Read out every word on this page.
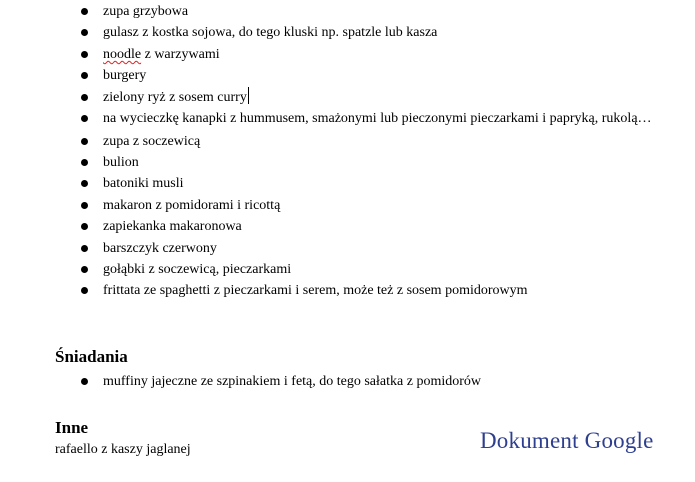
zupa grzybowa
gulasz z kostka sojowa, do tego kluski np. spatzle lub kasza
noodle z warzywami
burgery
zielony ryż z sosem curry
na wycieczkę kanapki z hummusem, smażonymi lub pieczonymi pieczarkami i papryką, rukolą…
zupa z soczewicą
bulion
batoniki musli
makaron z pomidorami i ricottą
zapiekanka makaronowa
barszczyk czerwony
gołąbki z soczewicą, pieczarkami
frittata ze spaghetti z pieczarkami i serem, może też z sosem pomidorowym
Śniadania
muffiny jajeczne ze szpinakiem i fetą, do tego sałatka z pomidorów
Inne

rafaello z kaszy jaglanej	Dokument Google
